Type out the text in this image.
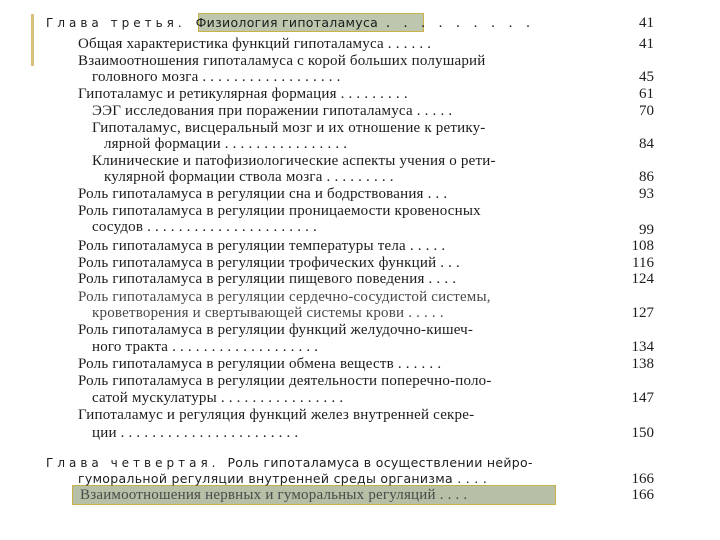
Глава третья. Физиология гипоталамуса . . . . . . . . .	41
Общая характеристика функций гипоталамуса . . . . . .	41
Взаимоотношения гипоталамуса с корой больших полушарий
головного мозга . . . . . . . . . . . . . . . . . .	45
Гипоталамус и ретикулярная формация . . . . . . . . .	61
ЭЭГ исследования при поражении гипоталамуса . . . . .	70
Гипоталамус, висцеральный мозг и их отношение к ретику-
лярной формации . . . . . . . . . . . . . . . .	84
Клинические и патофизиологические аспекты учения о рети-
кулярной формации ствола мозга . . . . . . . . .	86
Роль гипоталамуса в регуляции сна и бодрствования . . .	93
Роль гипоталамуса в регуляции проницаемости кровеносных
сосудов . . . . . . . . . . . . . . . . . . . . . .	99
Роль гипоталамуса в регуляции температуры тела . . . . .	108
Роль гипоталамуса в регуляции трофических функций . . .	116
Роль гипоталамуса в регуляции пищевого поведения . . . .	124
Роль гипоталамуса в регуляции сердечно-сосудистой системы,
кроветворения и свертывающей системы крови . . . . .	127
Роль гипоталамуса в регуляции функций желудочно-кишеч-
ного тракта . . . . . . . . . . . . . . . . . . .	134
Роль гипоталамуса в регуляции обмена веществ . . . . . .	138
Роль гипоталамуса в регуляции деятельности поперечно-поло-
сатой мускулатуры . . . . . . . . . . . . . . . .	147
Гипоталамус и регуляция функций желез внутренней секре-
ции . . . . . . . . . . . . . . . . . . . . . . .	150
Глава четвертая. Роль гипоталамуса в осуществлении нейро-
гуморальной регуляции внутренней среды организма . . . .	166
Взаимоотношения нервных и гуморальных регуляций . . . .	166
